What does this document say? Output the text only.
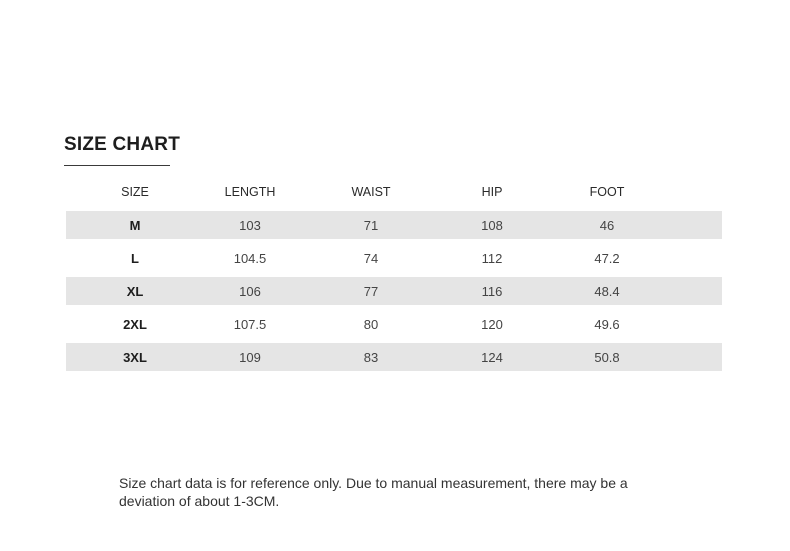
SIZE CHART
SIZE	LENGTH	WAIST	HIP	FOOT
M	103	71	108	46
L	104.5	74	112	47.2
XL	106	77	116	48.4
2XL	107.5	80	120	49.6
3XL	109	83	124	50.8

Size chart data is for reference only. Due to manual measurement, there may be a deviation of about 1-3CM.
